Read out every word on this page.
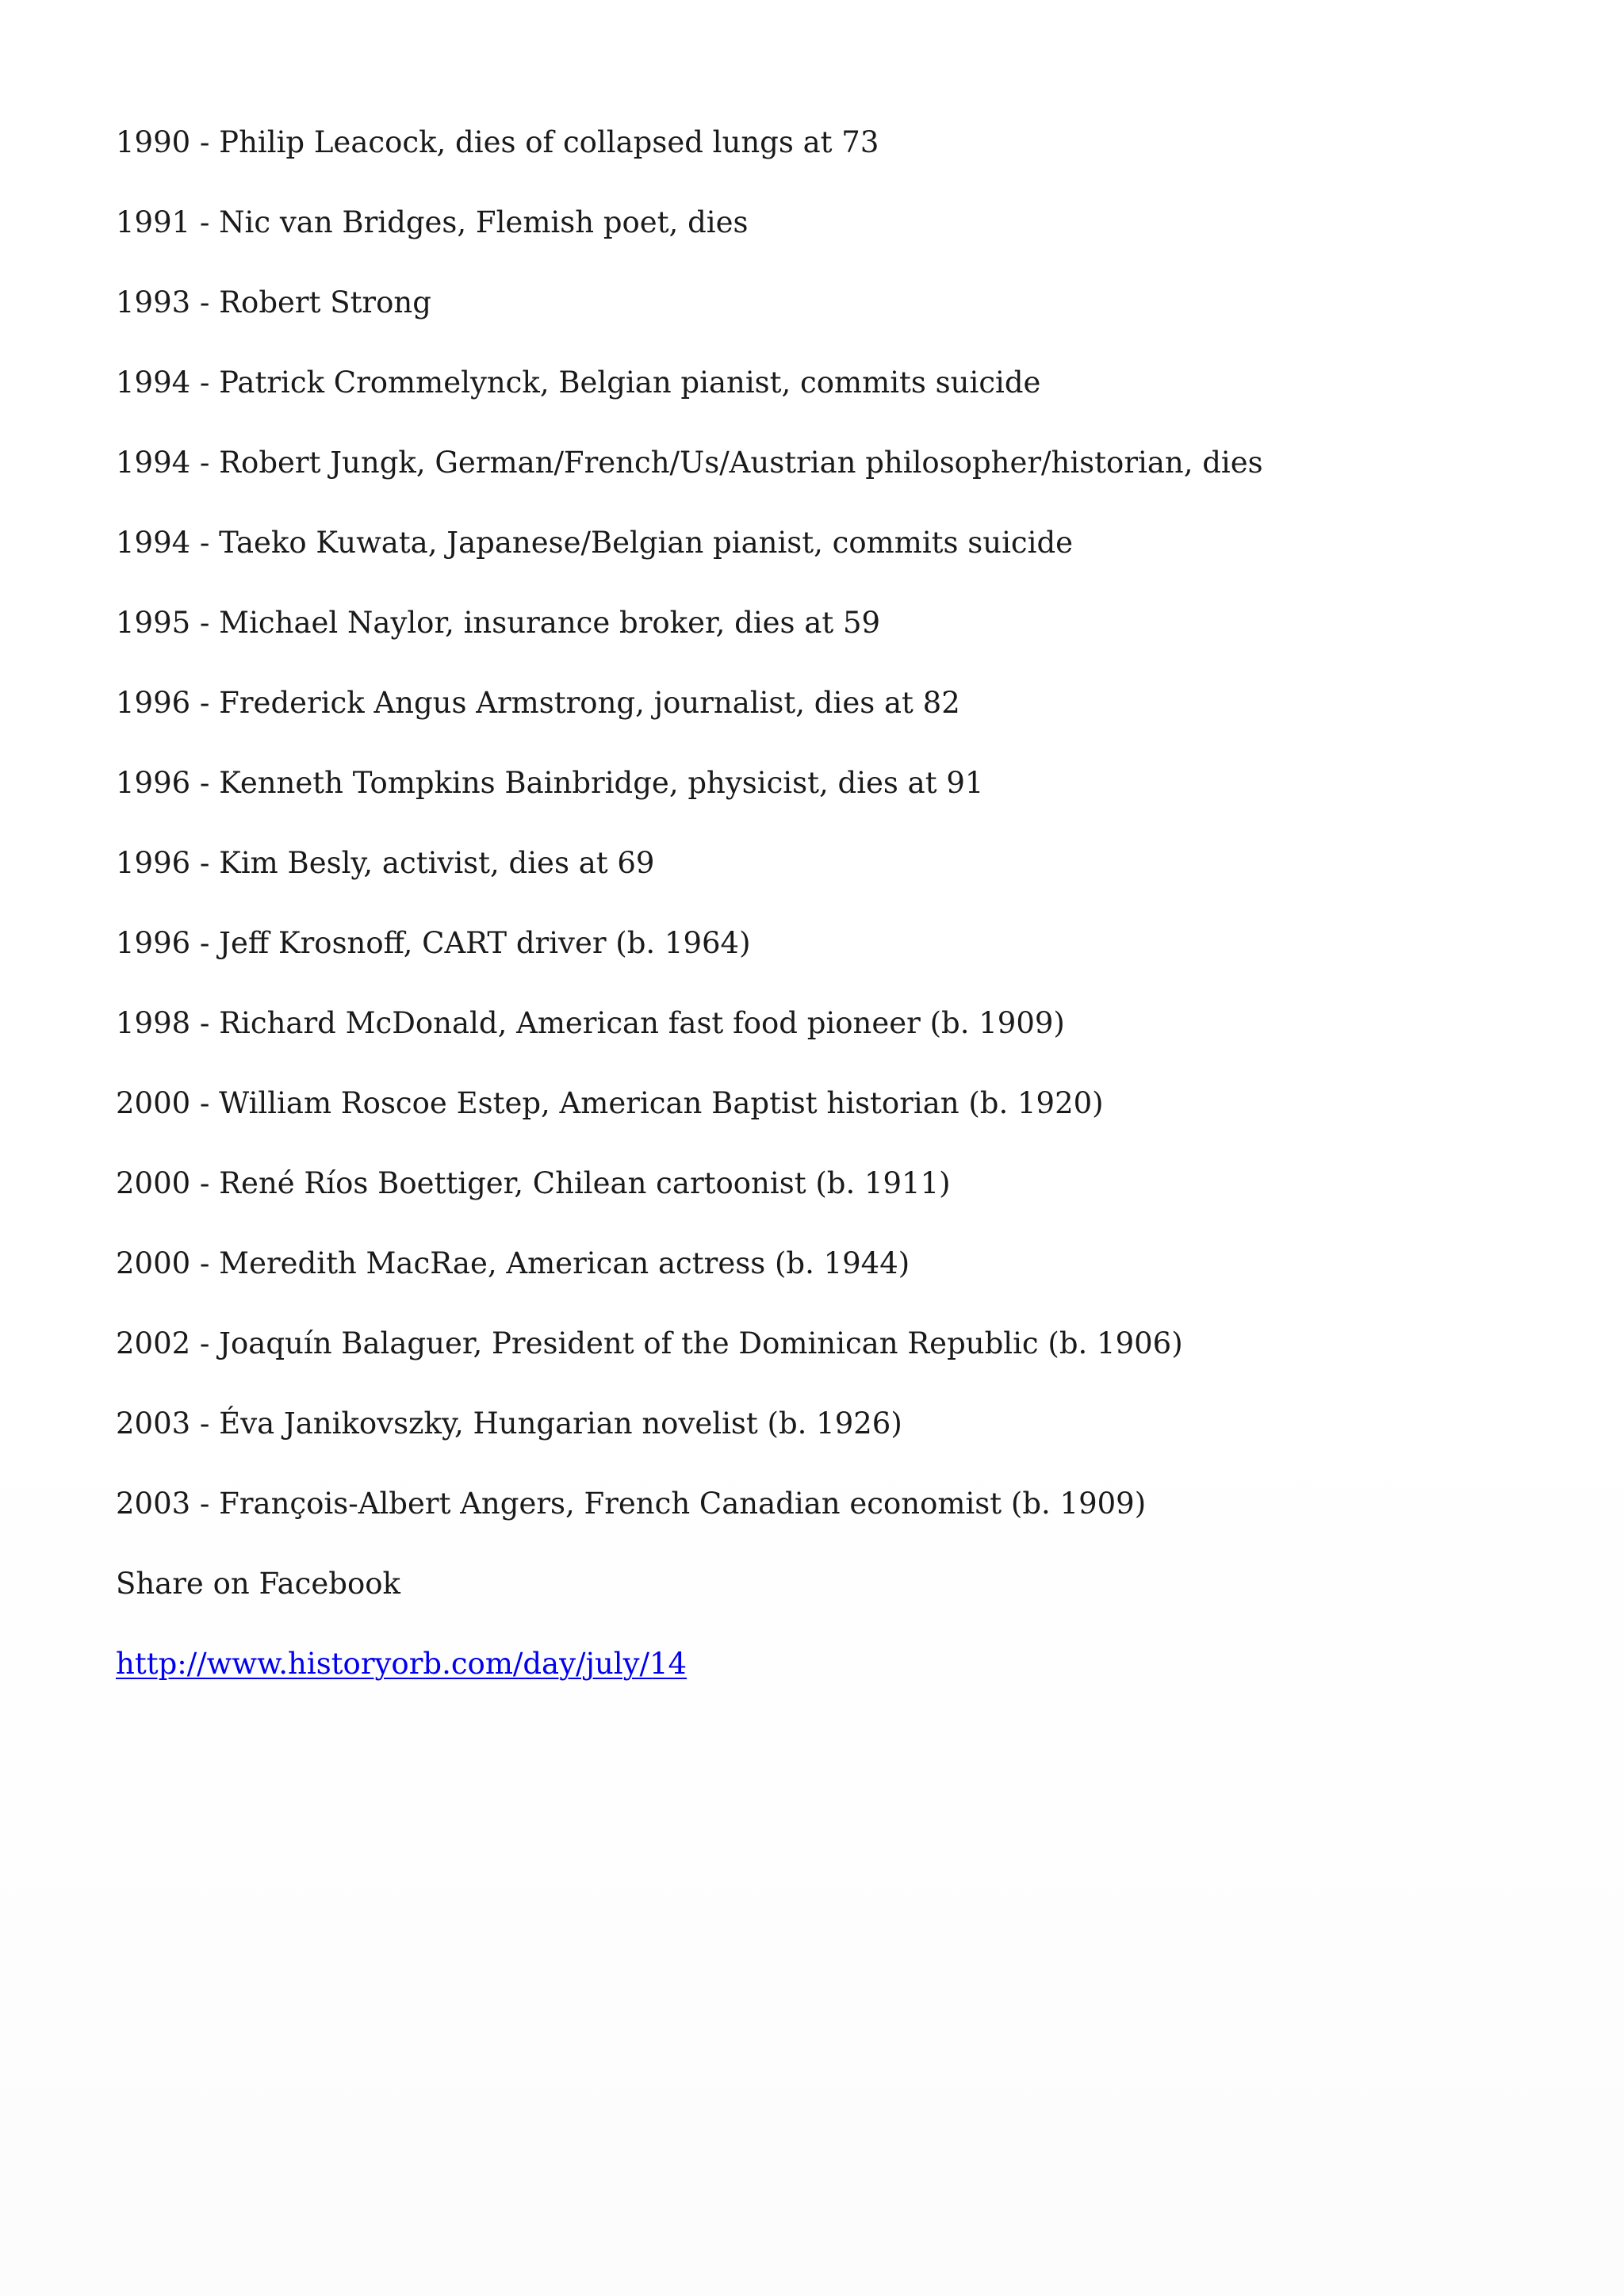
1990 - Philip Leacock, dies of collapsed lungs at 73
1991 - Nic van Bridges, Flemish poet, dies
1993 - Robert Strong
1994 - Patrick Crommelynck, Belgian pianist, commits suicide
1994 - Robert Jungk, German/French/Us/Austrian philosopher/historian, dies
1994 - Taeko Kuwata, Japanese/Belgian pianist, commits suicide
1995 - Michael Naylor, insurance broker, dies at 59
1996 - Frederick Angus Armstrong, journalist, dies at 82
1996 - Kenneth Tompkins Bainbridge, physicist, dies at 91
1996 - Kim Besly, activist, dies at 69
1996 - Jeff Krosnoff, CART driver (b. 1964)
1998 - Richard McDonald, American fast food pioneer (b. 1909)
2000 - William Roscoe Estep, American Baptist historian (b. 1920)
2000 - René Ríos Boettiger, Chilean cartoonist (b. 1911)
2000 - Meredith MacRae, American actress (b. 1944)
2002 - Joaquín Balaguer, President of the Dominican Republic (b. 1906)
2003 - Éva Janikovszky, Hungarian novelist (b. 1926)
2003 - François-Albert Angers, French Canadian economist (b. 1909)
Share on Facebook
http://www.historyorb.com/day/july/14
